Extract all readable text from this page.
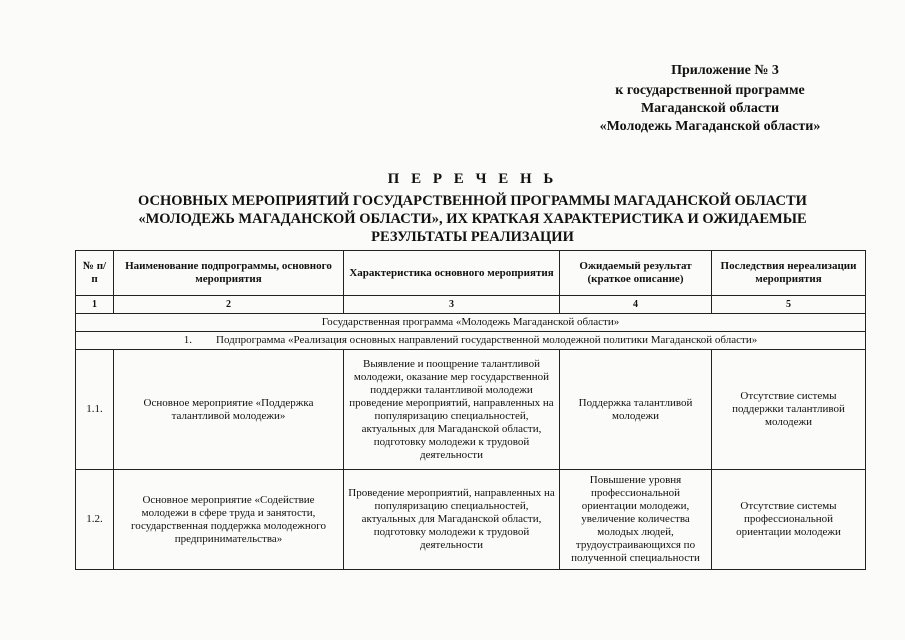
Приложение № 3
к государственной программе
Магаданской области
«Молодежь Магаданской области»
П Е Р Е Ч Е Н Ь
ОСНОВНЫХ МЕРОПРИЯТИЙ ГОСУДАРСТВЕННОЙ ПРОГРАММЫ МАГАДАНСКОЙ ОБЛАСТИ
«МОЛОДЕЖЬ МАГАДАНСКОЙ ОБЛАСТИ», ИХ КРАТКАЯ ХАРАКТЕРИСТИКА И ОЖИДАЕМЫЕ
РЕЗУЛЬТАТЫ РЕАЛИЗАЦИИ
№ п/п	Наименование подпрограммы, основного мероприятия	Характеристика основного мероприятия	Ожидаемый результат (краткое описание)	Последствия нереализации мероприятия
1	2	3	4	5
Государственная программа «Молодежь Магаданской области»				
1. Подпрограмма «Реализация основных направлений государственной молодежной политики Магаданской области»				
1.1.	Основное мероприятие «Поддержка талантливой молодежи»	Выявление и поощрение талантливой молодежи, оказание мер государственной поддержки талантливой молодежи проведение мероприятий, направленных на популяризацию специальностей, актуальных для Магаданской области, подготовку молодежи к трудовой деятельности	Поддержка талантливой молодежи	Отсутствие системы поддержки талантливой молодежи
1.2.	Основное мероприятие «Содействие молодежи в сфере труда и занятости, государственная поддержка молодежного предпринимательства»	Проведение мероприятий, направленных на популяризацию специальностей, актуальных для Магаданской области, подготовку молодежи к трудовой деятельности	Повышение уровня профессиональной ориентации молодежи, увеличение количества молодых людей, трудоустраивающихся по полученной специальности	Отсутствие системы профессиональной ориентации молодежи
